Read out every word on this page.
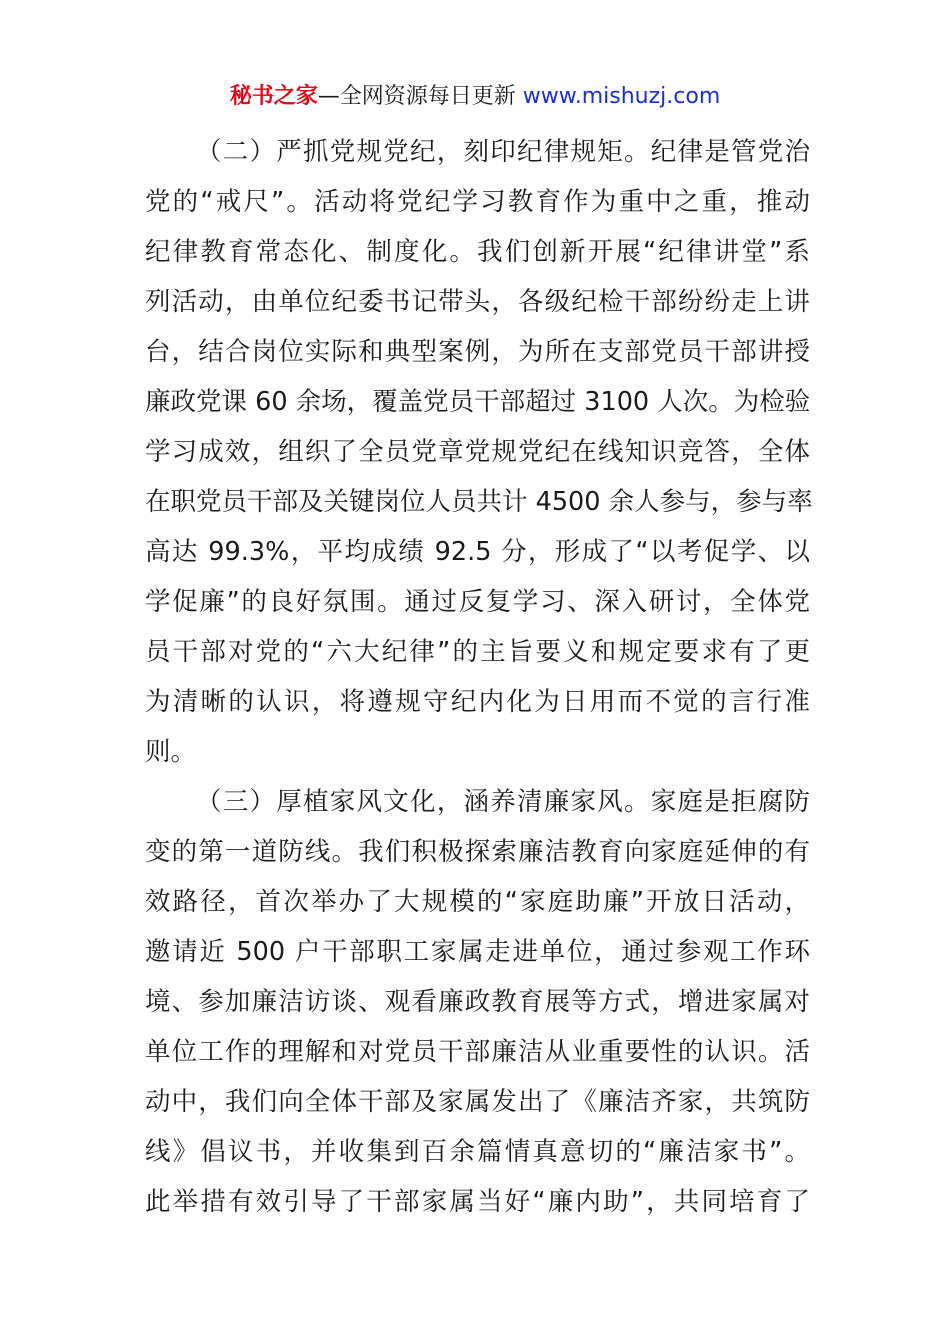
秘书之家—全网资源每日更新 www.mishuzj.com
（二）严抓党规党纪，刻印纪律规矩。纪律是管党治
党的“戒尺”。活动将党纪学习教育作为重中之重，推动
纪律教育常态化、制度化。我们创新开展“纪律讲堂”系
列活动，由单位纪委书记带头，各级纪检干部纷纷走上讲
台，结合岗位实际和典型案例，为所在支部党员干部讲授
廉政党课 60 余场，覆盖党员干部超过 3100 人次。为检验
学习成效，组织了全员党章党规党纪在线知识竞答，全体
在职党员干部及关键岗位人员共计 4500 余人参与，参与率
高达 99.3%，平均成绩 92.5 分，形成了“以考促学、以
学促廉”的良好氛围。通过反复学习、深入研讨，全体党
员干部对党的“六大纪律”的主旨要义和规定要求有了更
为清晰的认识，将遵规守纪内化为日用而不觉的言行准
则。
（三）厚植家风文化，涵养清廉家风。家庭是拒腐防
变的第一道防线。我们积极探索廉洁教育向家庭延伸的有
效路径，首次举办了大规模的“家庭助廉”开放日活动，
邀请近 500 户干部职工家属走进单位，通过参观工作环
境、参加廉洁访谈、观看廉政教育展等方式，增进家属对
单位工作的理解和对党员干部廉洁从业重要性的认识。活
动中，我们向全体干部及家属发出了《廉洁齐家，共筑防
线》倡议书，并收集到百余篇情真意切的“廉洁家书”。
此举措有效引导了干部家属当好“廉内助”，共同培育了
